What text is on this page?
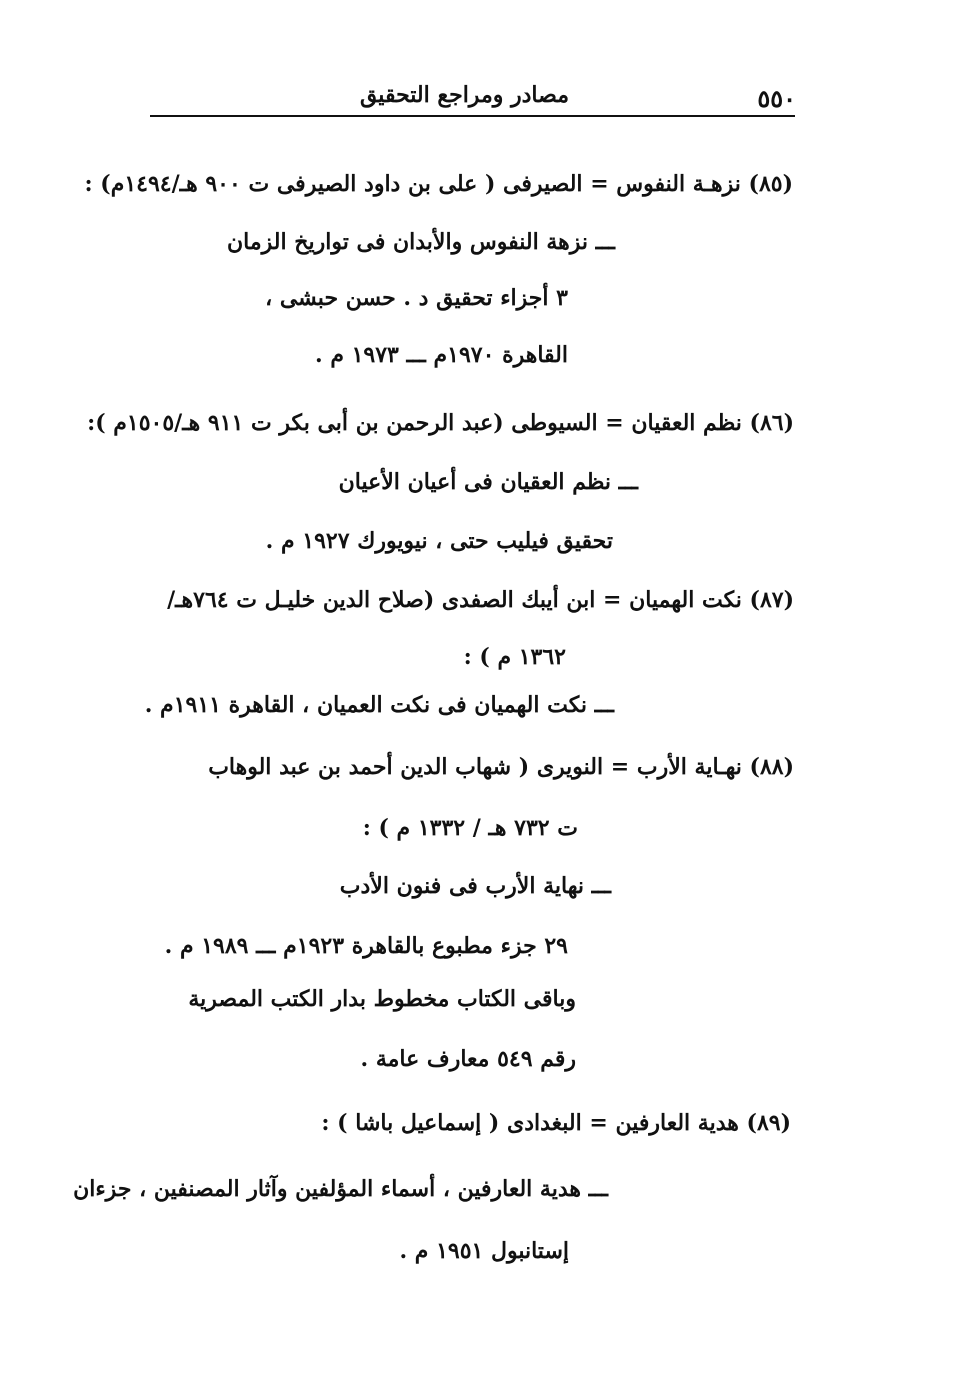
٥٥٠
مصادر ومراجع التحقيق
(٨٥) نزهـة النفوس = الصيرفى ( على بن داود الصيرفى ت ٩٠٠ هـ/١٤٩٤م) :
ـــ نزهة النفوس والأبدان فى تواريخ الزمان
٣ أجزاء تحقيق د . حسن حبشى ،
القاهرة ١٩٧٠م ـــ ١٩٧٣ م .
(٨٦) نظم العقيان = السيوطى (عبد الرحمن بن أبى بكر ت ٩١١ هـ/١٥٠٥م ):
ـــ نظم العقيان فى أعيان الأعيان
تحقيق فيليب حتى ، نيويورك ١٩٢٧ م .
(٨٧) نكت الهميان = ابن أيبك الصفدى (صلاح الدين خليـل ت ٧٦٤هـ/
١٣٦٢ م ) :
ـــ نكت الهميان فى نكت العميان ، القاهرة ١٩١١م .
(٨٨) نهـاية الأرب = النويرى ( شهاب الدين أحمد بن عبد الوهاب
ت ٧٣٢ هـ / ١٣٣٢ م ) :
ـــ نهاية الأرب فى فنون الأدب
٢٩ جزء مطبوع بالقاهرة ١٩٢٣م ـــ ١٩٨٩ م .
وباقى الكتاب مخطوط بدار الكتب المصرية
رقم ٥٤٩ معارف عامة .
(٨٩) هدية العارفين = البغدادى ( إسماعيل باشا ) :
ـــ هدية العارفين ، أسماء المؤلفين وآثار المصنفين ، جزءان
إستانبول ١٩٥١ م .
